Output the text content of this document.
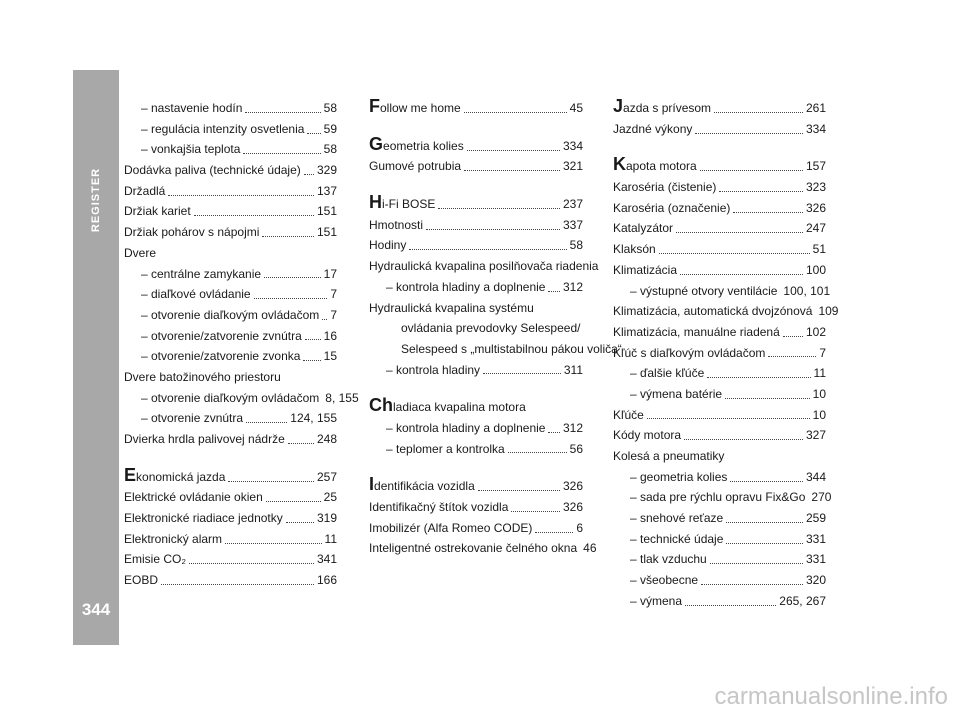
REGISTER
344
– nastavenie hodín	58
– regulácia intenzity osvetlenia 59
– vonkajšia teplota	58
Dodávka paliva (technické údaje) 329
Držadlá	137
Držiak kariet	151
Držiak pohárov s nápojmi	151
Dvere
– centrálne zamykanie	17
– diaľkové ovládanie	7
– otvorenie diaľkovým ovládačom 7
– otvorenie/zatvorenie zvnútra 16
– otvorenie/zatvorenie zvonka 15
Dvere batožinového priestoru
– otvorenie diaľkovým ovládačom 8, 155
– otvorenie zvnútra	124, 155
Dvierka hrdla palivovej nádrže	248
Ekonomická jazda	257
Elektrické ovládanie okien	25
Elektronické riadiace jednotky	319
Elektronický alarm	11
Emisie CO₂	341
EOBD	166
Follow me home	45
Geometria kolies	334
Gumové potrubia	321
Hi-Fi BOSE	237
Hmotnosti	337
Hodiny	58
Hydraulická kvapalina posilňovača riadenia
– kontrola hladiny a doplnenie 312
Hydraulická kvapalina systému
ovládania prevodovky Selespeed/
Selespeed s „multistabilnou pákou voliča“
– kontrola hladiny	311
Chladiaca kvapalina motora
– kontrola hladiny a doplnenie 312
– teplomer a kontrolka	56
Identifikácia vozidla	326
Identifikačný štítok vozidla	326
Imobilizér (Alfa Romeo CODE)	6
Inteligentné ostrekovanie čelného okna 46
Jazda s prívesom	261
Jazdné výkony	334
Kapota motora	157
Karoséria (čistenie)	323
Karoséria (označenie)	326
Katalyzátor	247
Klaksón	51
Klimatizácia	100
– výstupné otvory ventilácie 100, 101
Klimatizácia, automatická dvojzónová 109
Klimatizácia, manuálne riadená 102
Kľúč s diaľkovým ovládačom	7
– ďalšie kľúče	11
– výmena batérie	10
Kľúče	10
Kódy motora	327
Kolesá a pneumatiky
– geometria kolies	344
– sada pre rýchlu opravu Fix&Go 270
– snehové reťaze	259
– technické údaje	331
– tlak vzduchu	331
– všeobecne	320
– výmena	265, 267
carmanualsonline.info
